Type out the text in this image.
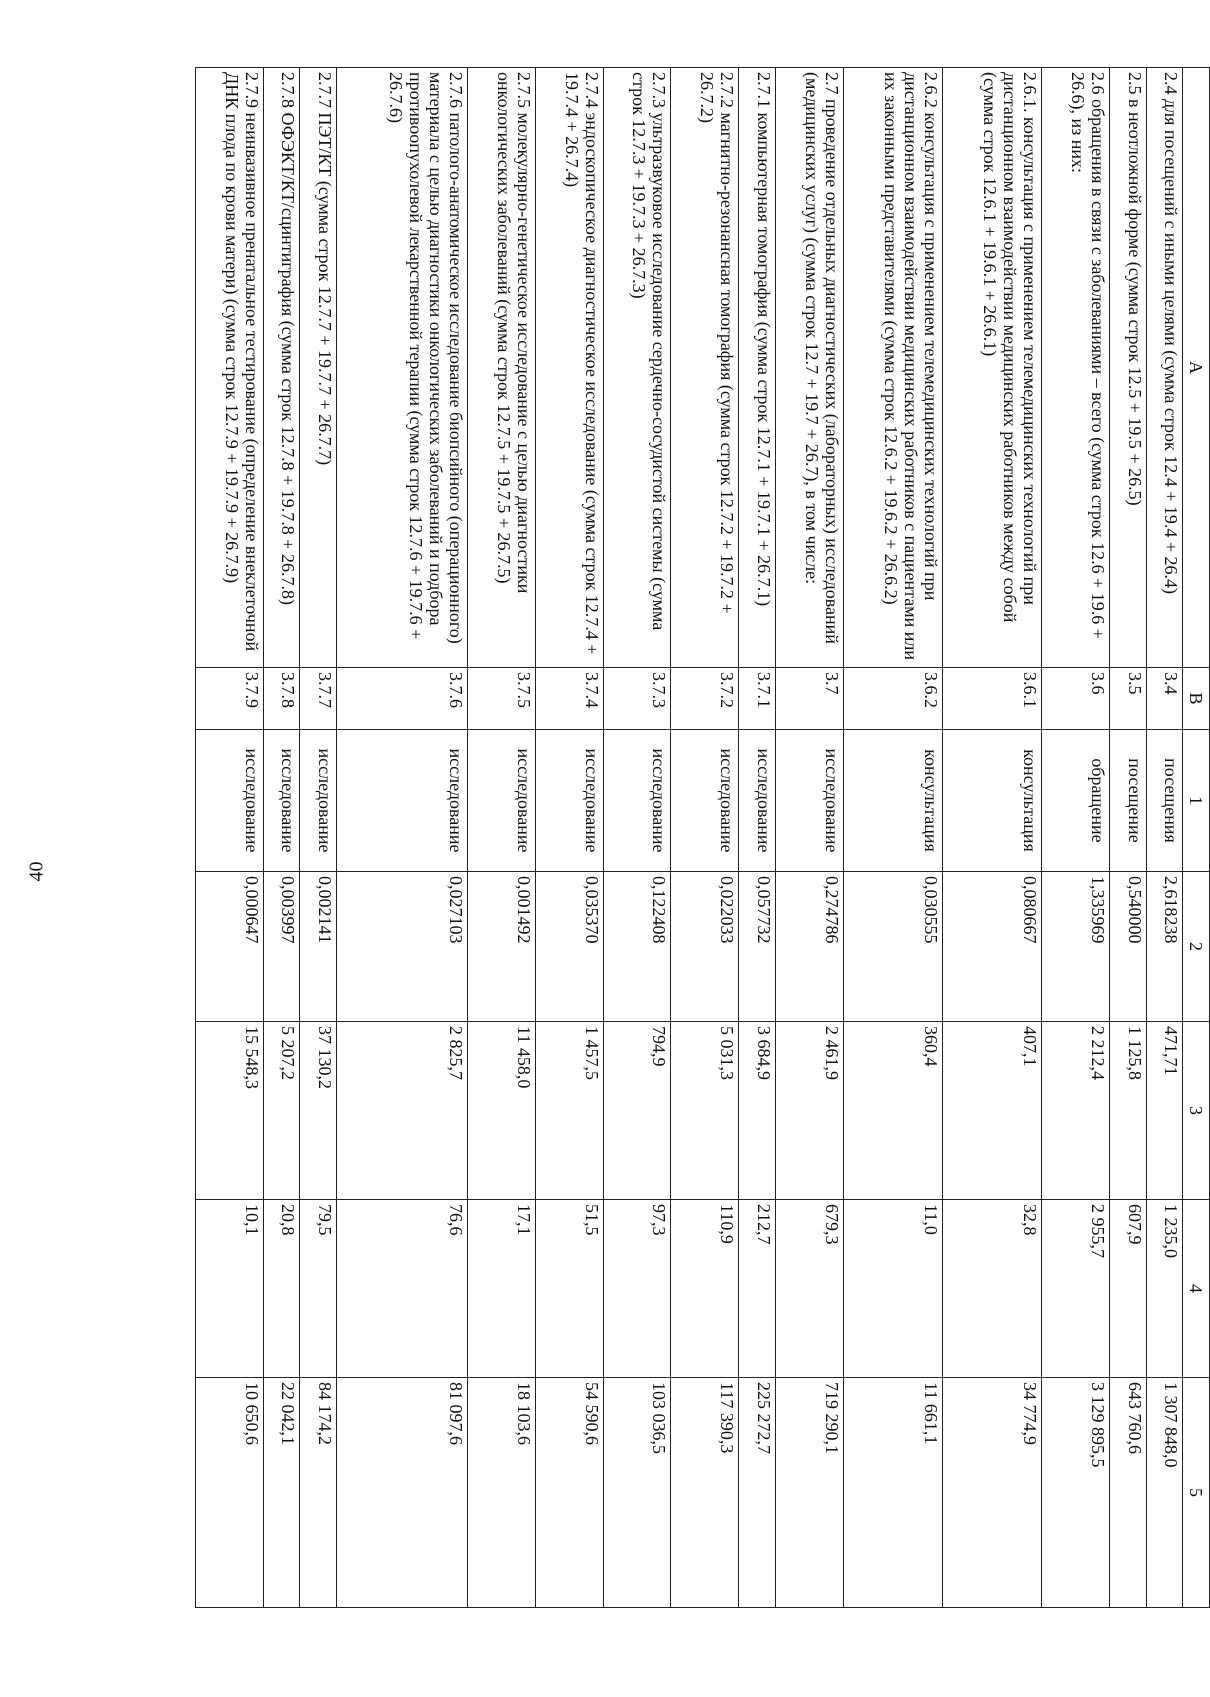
40
A	B	1	2	3	4	5
2.4 для посещений с иными целями (сумма строк 12.4 + 19.4 + 26.4)	3.4	посещения	2,618238	471,71	1 235,0	1 307 848,0
2.5 в неотложной форме (сумма строк 12.5 + 19.5 + 26.5)	3.5	посещение	0,540000	1 125,8	607,9	643 760,6
2.6 обращения в связи с заболеваниями – всего (сумма строк 12.6 + 19.6 + 26.6), из них:	3.6	обращение	1,335969	2 212,4	2 955,7	3 129 895,5
2.6.1. консультация с применением телемедицинских технологий при дистанционном взаимодействии медицинских работников между собой (сумма строк 12.6.1 + 19.6.1 + 26.6.1)	3.6.1	консультация	0,080667	407,1	32,8	34 774,9
2.6.2 консультация с применением телемедицинских технологий при дистанционном взаимодействии медицинских работников с пациентами или их законными представителями (сумма строк 12.6.2 + 19.6.2 + 26.6.2)	3.6.2	консультация	0,030555	360,4	11,0	11 661,1
2.7 проведение отдельных диагностических (лабораторных) исследований (медицинских услуг) (сумма строк 12.7 + 19.7 + 26.7), в том числе:	3.7	исследование	0,274786	2 461,9	679,3	719 290,1
2.7.1 компьютерная томография (сумма строк 12.7.1 + 19.7.1 + 26.7.1)	3.7.1	исследование	0,057732	3 684,9	212,7	225 272,7
2.7.2 магнитно-резонансная томография (сумма строк 12.7.2 + 19.7.2 + 26.7.2)	3.7.2	исследование	0,022033	5 031,3	110,9	117 390,3
2.7.3 ультразвуковое исследование сердечно-сосудистой системы (сумма строк 12.7.3 + 19.7.3 + 26.7.3)	3.7.3	исследование	0,122408	794,9	97,3	103 036,5
2.7.4 эндоскопическое диагностическое исследование (сумма строк 12.7.4 + 19.7.4 + 26.7.4)	3.7.4	исследование	0,035370	1 457,5	51,5	54 590,6
2.7.5 молекулярно-генетическое исследование с целью диагностики онкологических заболеваний (сумма строк 12.7.5 + 19.7.5 + 26.7.5)	3.7.5	исследование	0,001492	11 458,0	17,1	18 103,6
2.7.6 патолого-анатомическое исследование биопсийного (операционного) материала с целью диагностики онкологических заболеваний и подбора противоопухолевой лекарственной терапии (сумма строк 12.7.6 + 19.7.6 + 26.7.6)	3.7.6	исследование	0,027103	2 825,7	76,6	81 097,6
2.7.7 ПЭТ/КТ (сумма строк 12.7.7 + 19.7.7 + 26.7.7)	3.7.7	исследование	0,002141	37 130,2	79,5	84 174,2
2.7.8 ОФЭКТ/КТ/сцинтиграфия (сумма строк 12.7.8 + 19.7.8 + 26.7.8)	3.7.8	исследование	0,003997	5 207,2	20,8	22 042,1
2.7.9 неинвазивное пренатальное тестирование (определение внеклеточной ДНК плода по крови матери) (сумма строк 12.7.9 + 19.7.9 + 26.7.9)	3.7.9	исследование	0,000647	15 548,3	10,1	10 650,6
